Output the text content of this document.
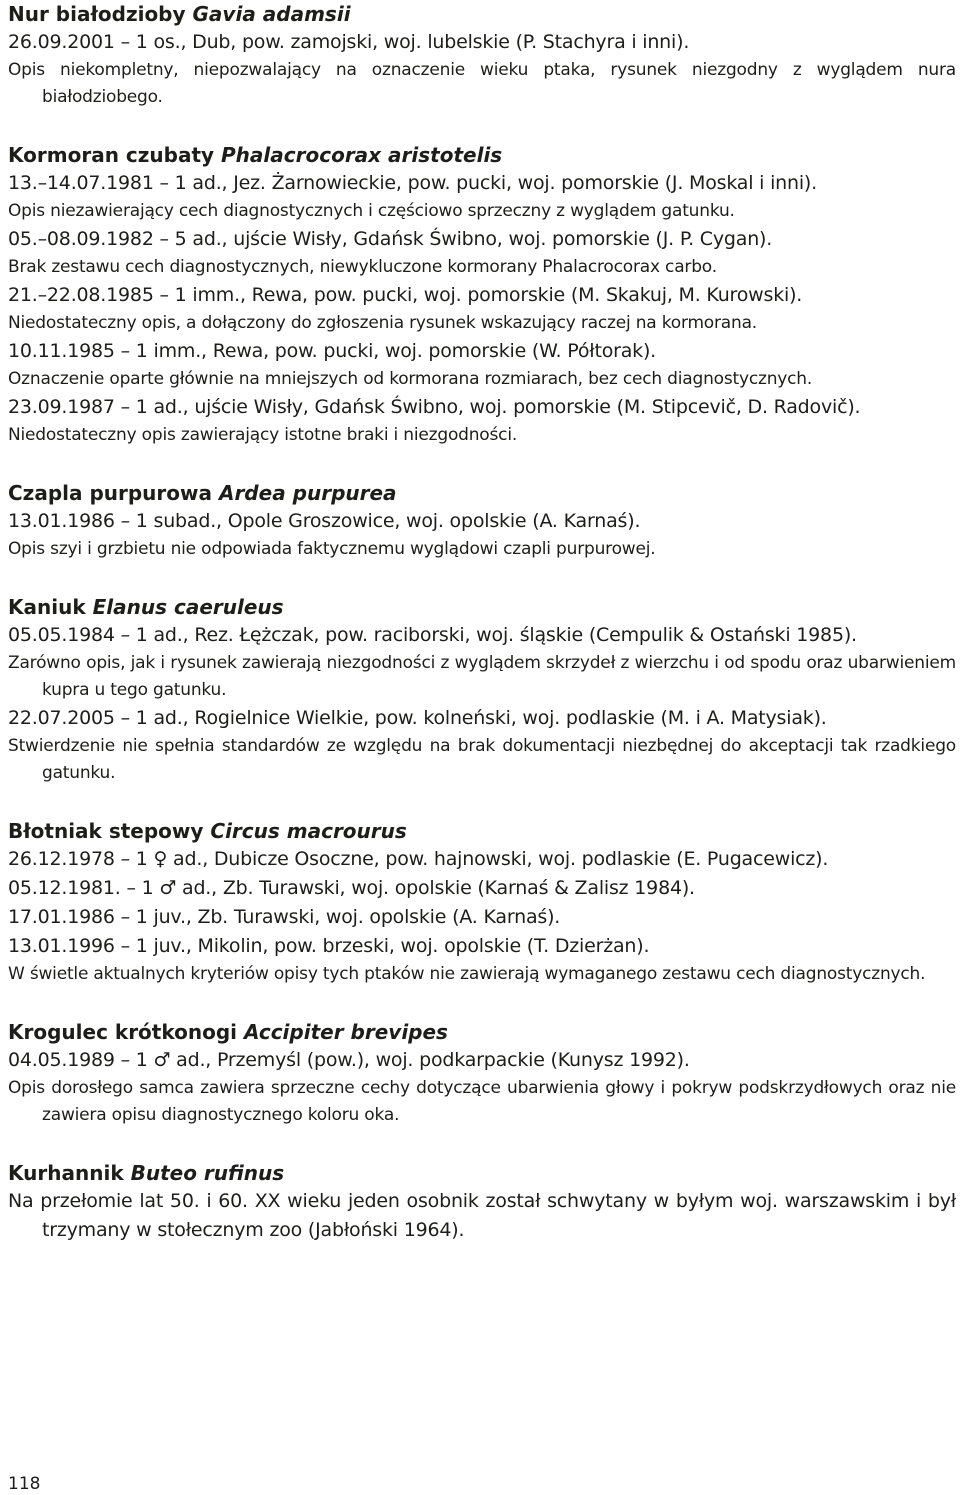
Nur białodzioby Gavia adamsii
26.09.2001 – 1 os., Dub, pow. zamojski, woj. lubelskie (P. Stachyra i inni).
Opis niekompletny, niepozwalający na oznaczenie wieku ptaka, rysunek niezgodny z wyglądem nura białodziobego.
Kormoran czubaty Phalacrocorax aristotelis
13.–14.07.1981 – 1 ad., Jez. Żarnowieckie, pow. pucki, woj. pomorskie (J. Moskal i inni).
Opis niezawierający cech diagnostycznych i częściowo sprzeczny z wyglądem gatunku.
05.–08.09.1982 – 5 ad., ujście Wisły, Gdańsk Świbno, woj. pomorskie (J. P. Cygan).
Brak zestawu cech diagnostycznych, niewykluczone kormorany Phalacrocorax carbo.
21.–22.08.1985 – 1 imm., Rewa, pow. pucki, woj. pomorskie (M. Skakuj, M. Kurowski).
Niedostateczny opis, a dołączony do zgłoszenia rysunek wskazujący raczej na kormorana.
10.11.1985 – 1 imm., Rewa, pow. pucki, woj. pomorskie (W. Półtorak).
Oznaczenie oparte głównie na mniejszych od kormorana rozmiarach, bez cech diagnostycznych.
23.09.1987 – 1 ad., ujście Wisły, Gdańsk Świbno, woj. pomorskie (M. Stipcevič, D. Radovič).
Niedostateczny opis zawierający istotne braki i niezgodności.
Czapla purpurowa Ardea purpurea
13.01.1986 – 1 subad., Opole Groszowice, woj. opolskie (A. Karnaś).
Opis szyi i grzbietu nie odpowiada faktycznemu wyglądowi czapli purpurowej.
Kaniuk Elanus caeruleus
05.05.1984 – 1 ad., Rez. Łężczak, pow. raciborski, woj. śląskie (Cempulik & Ostański 1985).
Zarówno opis, jak i rysunek zawierają niezgodności z wyglądem skrzydeł z wierzchu i od spodu oraz ubarwieniem kupra u tego gatunku.
22.07.2005 – 1 ad., Rogielnice Wielkie, pow. kolneński, woj. podlaskie (M. i A. Matysiak).
Stwierdzenie nie spełnia standardów ze względu na brak dokumentacji niezbędnej do akceptacji tak rzadkiego gatunku.
Błotniak stepowy Circus macrourus
26.12.1978 – 1 ♀ ad., Dubicze Osoczne, pow. hajnowski, woj. podlaskie (E. Pugacewicz).
05.12.1981. – 1 ♂ ad., Zb. Turawski, woj. opolskie (Karnaś & Zalisz 1984).
17.01.1986 – 1 juv., Zb. Turawski, woj. opolskie (A. Karnaś).
13.01.1996 – 1 juv., Mikolin, pow. brzeski, woj. opolskie (T. Dzierżan).
W świetle aktualnych kryteriów opisy tych ptaków nie zawierają wymaganego zestawu cech diagnostycznych.
Krogulec krótkonogi Accipiter brevipes
04.05.1989 – 1 ♂ ad., Przemyśl (pow.), woj. podkarpackie (Kunysz 1992).
Opis dorosłego samca zawiera sprzeczne cechy dotyczące ubarwienia głowy i pokryw podskrzydłowych oraz nie zawiera opisu diagnostycznego koloru oka.
Kurhannik Buteo rufinus
Na przełomie lat 50. i 60. XX wieku jeden osobnik został schwytany w byłym woj. warszawskim i był trzymany w stołecznym zoo (Jabłoński 1964).
118
